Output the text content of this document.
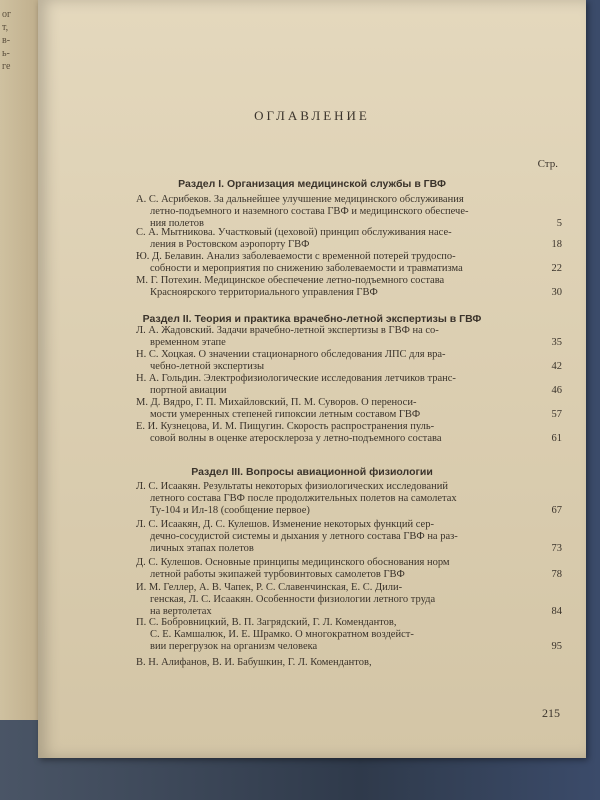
ог
т,
в-
ь-
ге
ОГЛАВЛЕНИЕ
Стр.
215
Раздел I. Организация медицинской службы в ГВФ
А. С. Асрибеков. За дальнейшее улучшение медицинского обслуживания
летно-подъемного и наземного состава ГВФ и медицинского обеспече-
ния полетов	5
С. А. Мытникова. Участковый (цеховой) принцип обслуживания насе-
ления в Ростовском аэропорту ГВФ	18
Ю. Д. Белавин. Анализ заболеваемости с временной потерей трудоспо-
собности и мероприятия по снижению заболеваемости и травматизма	22
М. Г. Потехин. Медицинское обеспечение летно-подъемного состава
Красноярского территориального управления ГВФ	30
Раздел II. Теория и практика врачебно-летной экспертизы в ГВФ
Л. А. Жадовский. Задачи врачебно-летной экспертизы в ГВФ на со-
временном этапе	35
Н. С. Хоцкая. О значении стационарного обследования ЛПС для вра-
чебно-летной экспертизы	42
Н. А. Гольдин. Электрофизиологические исследования летчиков транс-
портной авиации	46
М. Д. Вядро, Г. П. Михайловский, П. М. Суворов. О переноси-
мости умеренных степеней гипоксии летным составом ГВФ	57
Е. И. Кузнецова, И. М. Пищугин. Скорость распространения пуль-
совой волны в оценке атеросклероза у летно-подъемного состава	61
Раздел III. Вопросы авиационной физиологии
Л. С. Исаакян. Результаты некоторых физиологических исследований
летного состава ГВФ после продолжительных полетов на самолетах
Ту-104 и Ил-18 (сообщение первое)	67
Л. С. Исаакян, Д. С. Кулешов. Изменение некоторых функций сер-
дечно-сосудистой системы и дыхания у летного состава ГВФ на раз-
личных этапах полетов	73
Д. С. Кулешов. Основные принципы медицинского обоснования норм
летной работы экипажей турбовинтовых самолетов ГВФ	78
И. М. Геллер, А. В. Чапек, Р. С. Славенчинская, Е. С. Дили-
генская, Л. С. Исаакян. Особенности физиологии летного труда
на вертолетах	84
П. С. Бобровницкий, В. П. Загрядский, Г. Л. Комендантов,
С. Е. Камшалюк, И. Е. Шрамко. О многократном воздейст-
вии перегрузок на организм человека	95
В. Н. Алифанов, В. И. Бабушкин, Г. Л. Комендантов,
